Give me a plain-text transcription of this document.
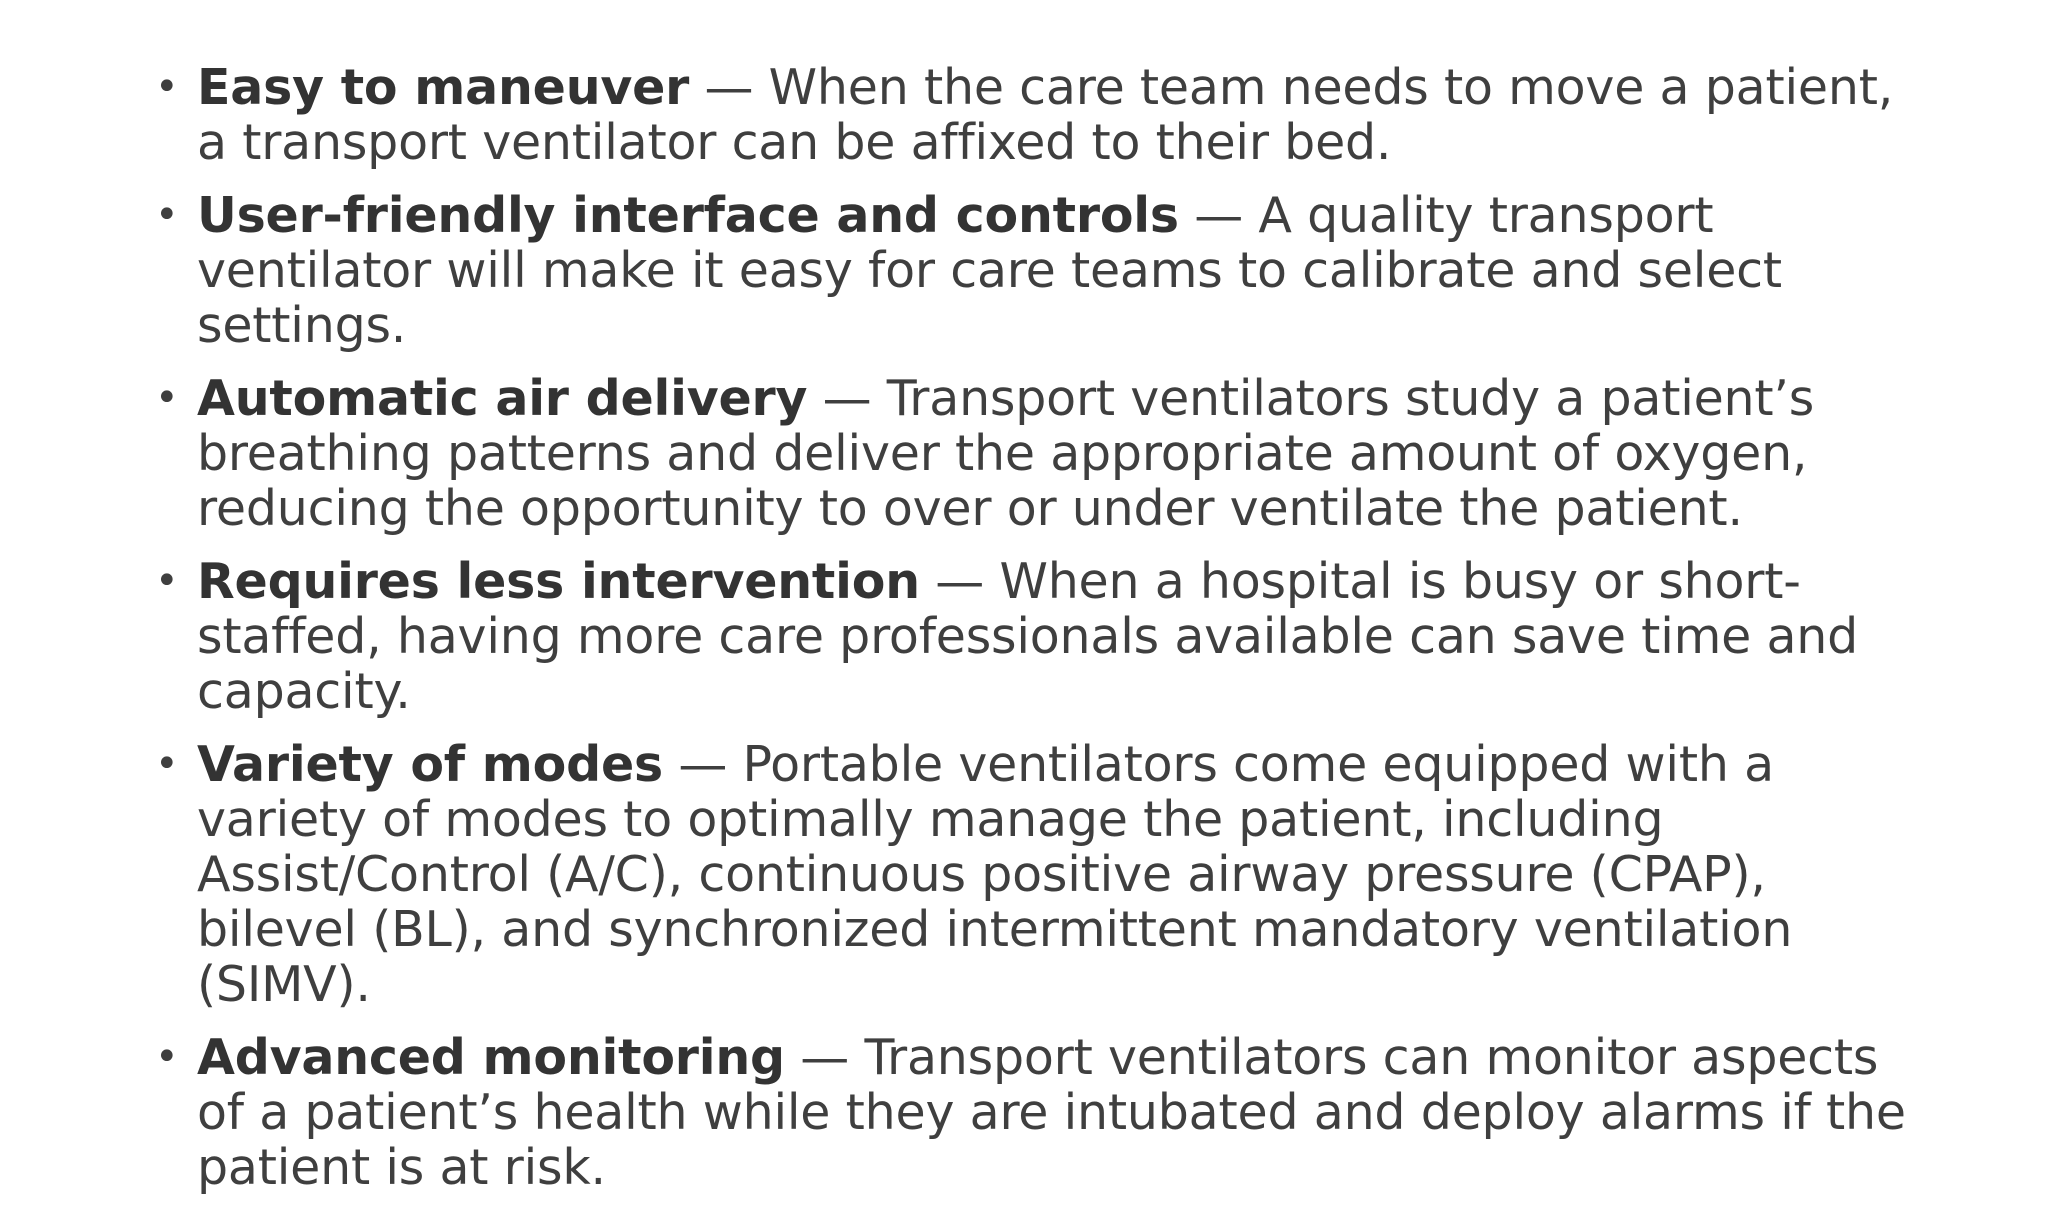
• Easy to maneuver — When the care team needs to move a patient, a transport ventilator can be affixed to their bed.
• User-friendly interface and controls — A quality transport ventilator will make it easy for care teams to calibrate and select settings.
• Automatic air delivery — Transport ventilators study a patient’s breathing patterns and deliver the appropriate amount of oxygen, reducing the opportunity to over or under ventilate the patient.
• Requires less intervention — When a hospital is busy or short-staffed, having more care professionals available can save time and capacity.
• Variety of modes — Portable ventilators come equipped with a variety of modes to optimally manage the patient, including Assist/Control (A/C), continuous positive airway pressure (CPAP), bilevel (BL), and synchronized intermittent mandatory ventilation (SIMV).
• Advanced monitoring — Transport ventilators can monitor aspects of a patient’s health while they are intubated and deploy alarms if the patient is at risk.
